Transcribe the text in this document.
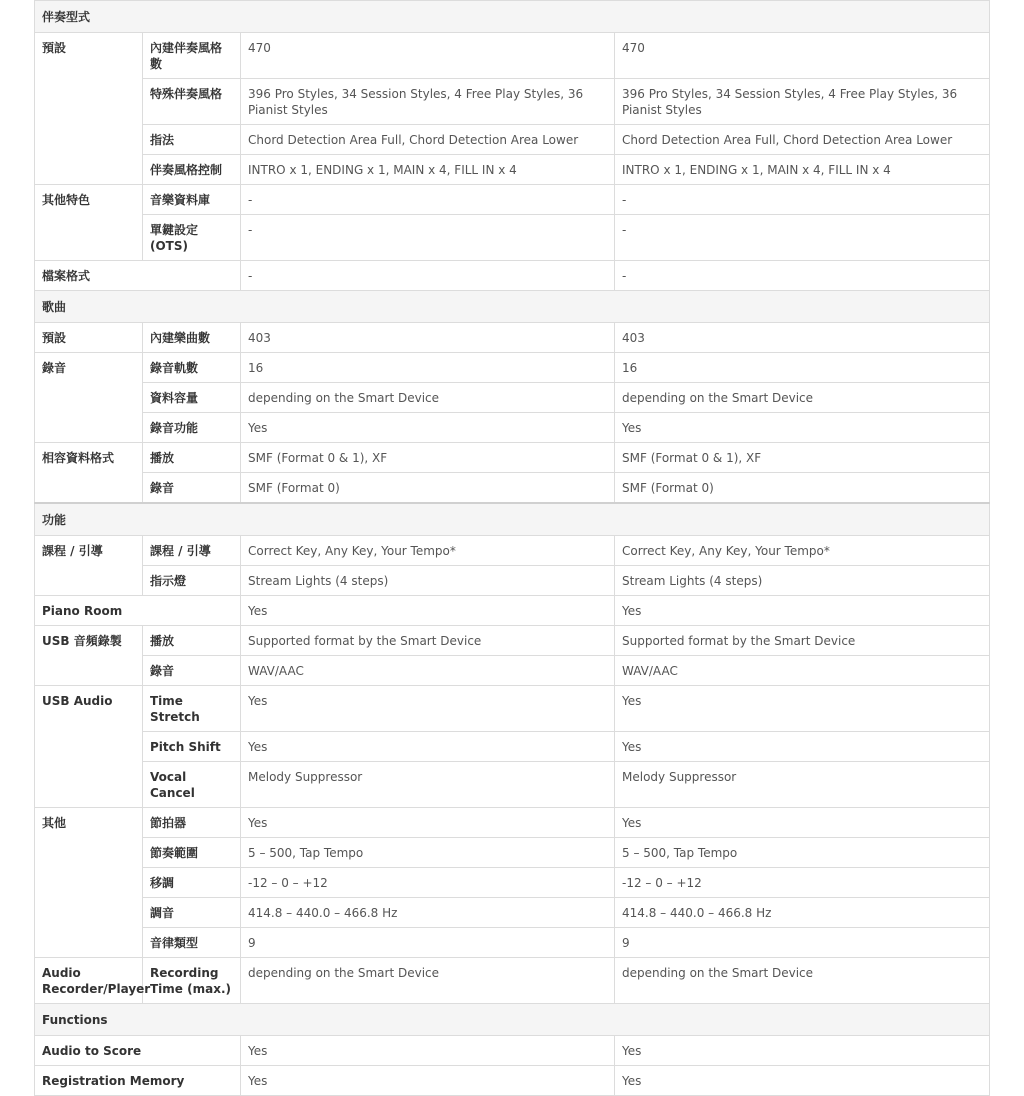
伴奏型式			
預設	內建伴奏風格數	470	470
	特殊伴奏風格	396 Pro Styles, 34 Session Styles, 4 Free Play Styles, 36 Pianist Styles	396 Pro Styles, 34 Session Styles, 4 Free Play Styles, 36 Pianist Styles
	指法	Chord Detection Area Full, Chord Detection Area Lower	Chord Detection Area Full, Chord Detection Area Lower
	伴奏風格控制	INTRO x 1, ENDING x 1, MAIN x 4, FILL IN x 4	INTRO x 1, ENDING x 1, MAIN x 4, FILL IN x 4
其他特色	音樂資料庫	-	-
	單鍵設定 (OTS)	-	-
檔案格式		-	-
歌曲			
預設	內建樂曲數	403	403
錄音	錄音軌數	16	16
	資料容量	depending on the Smart Device	depending on the Smart Device
	錄音功能	Yes	Yes
相容資料格式	播放	SMF (Format 0 & 1), XF	SMF (Format 0 & 1), XF
	錄音	SMF (Format 0)	SMF (Format 0)
功能			
課程 / 引導	課程 / 引導	Correct Key, Any Key, Your Tempo*	Correct Key, Any Key, Your Tempo*
	指示燈	Stream Lights (4 steps)	Stream Lights (4 steps)
Piano Room		Yes	Yes
USB 音頻錄製	播放	Supported format by the Smart Device	Supported format by the Smart Device
	錄音	WAV/AAC	WAV/AAC
USB Audio	Time Stretch	Yes	Yes
	Pitch Shift	Yes	Yes
	Vocal Cancel	Melody Suppressor	Melody Suppressor
其他	節拍器	Yes	Yes
	節奏範圍	5 – 500, Tap Tempo	5 – 500, Tap Tempo
	移調	-12 – 0 – +12	-12 – 0 – +12
	調音	414.8 – 440.0 – 466.8 Hz	414.8 – 440.0 – 466.8 Hz
	音律類型	9	9
Audio Recorder/Player	Recording Time (max.)	depending on the Smart Device	depending on the Smart Device
Functions			
Audio to Score		Yes	Yes
Registration Memory		Yes	Yes
